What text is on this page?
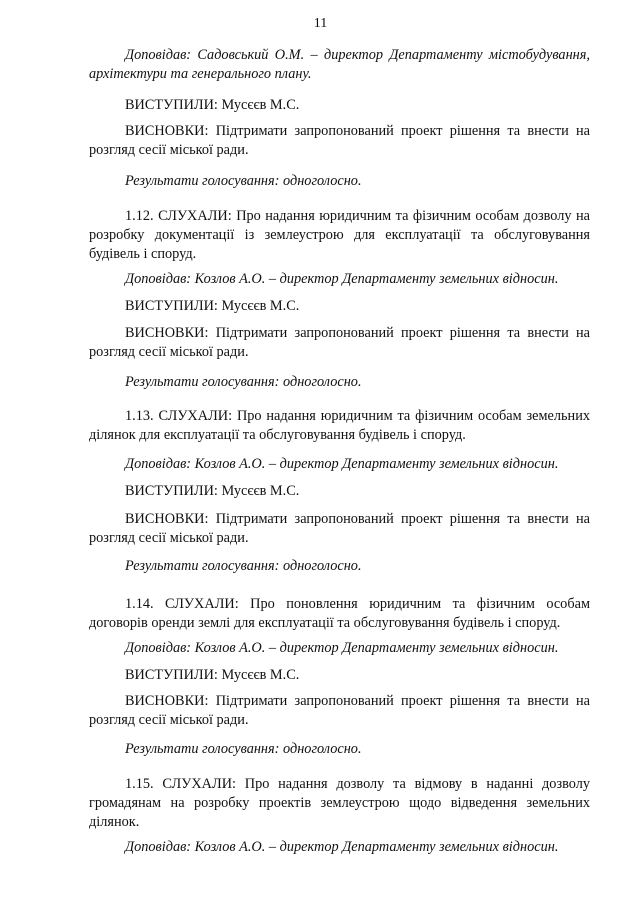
11

Доповідав: Садовський О.М. – директор Департаменту містобудування, архітектури та генерального плану.

ВИСТУПИЛИ: Мусєєв М.С.

ВИСНОВКИ: Підтримати запропонований проект рішення та внести на розгляд сесії міської ради.

Результати голосування: одноголосно.

1.12. СЛУХАЛИ: Про надання юридичним та фізичним особам дозволу на розробку документації із землеустрою для експлуатації та обслуговування будівель і споруд.

Доповідав: Козлов А.О. – директор Департаменту земельних відносин.

ВИСТУПИЛИ: Мусєєв М.С.

ВИСНОВКИ: Підтримати запропонований проект рішення та внести на розгляд сесії міської ради.

Результати голосування: одноголосно.

1.13. СЛУХАЛИ: Про надання юридичним та фізичним особам земельних ділянок для експлуатації та обслуговування будівель і споруд.

Доповідав: Козлов А.О. – директор Департаменту земельних відносин.

ВИСТУПИЛИ: Мусєєв М.С.

ВИСНОВКИ: Підтримати запропонований проект рішення та внести на розгляд сесії міської ради.

Результати голосування: одноголосно.

1.14. СЛУХАЛИ: Про поновлення юридичним та фізичним особам договорів оренди землі для експлуатації та обслуговування будівель і споруд.

Доповідав: Козлов А.О. – директор Департаменту земельних відносин.

ВИСТУПИЛИ: Мусєєв М.С.

ВИСНОВКИ: Підтримати запропонований проект рішення та внести на розгляд сесії міської ради.

Результати голосування: одноголосно.

1.15. СЛУХАЛИ: Про надання дозволу та відмову в наданні дозволу громадянам на розробку проектів землеустрою щодо відведення земельних ділянок.

Доповідав: Козлов А.О. – директор Департаменту земельних відносин.
